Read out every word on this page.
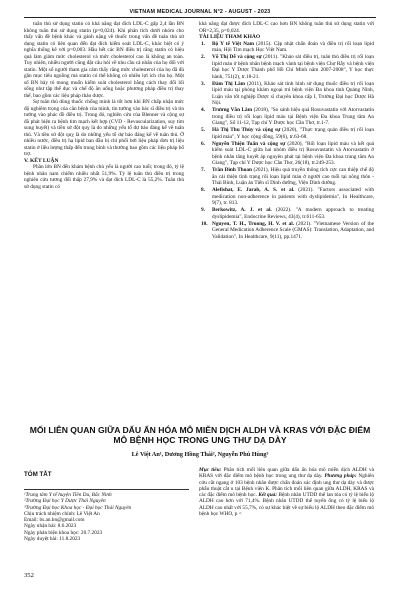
VIETNAM MEDICAL JOURNAL N°2 - AUGUST - 2023

tuân thủ sử dụng statin có khả năng đạt đích LDL-C gấp 2,4 lần BN không tuân thủ sử dụng statin (p=0,024). Khi phân tích dưới nhóm cho thấy vấn đề bệnh khác và gánh nặng về thuốc trong vấn đề tuân thủ sử dụng statin có liên quan đến đạt đích kiểm soát LDL-C, khác biệt có ý nghĩa thống kê với p=0,003. Hầu hết các BN điều trị rằng statin có hiệu quả làm giảm mức cholesterol và mức cholesterol cao là không an toàn. Tuy nhiên, nhiều người cũng đặt câu hỏi về nhu cầu cả nhân của họ đối với statin. Một số người tham gia cảm thấy rằng mức cholesterol của họ đã đủ gần mục tiêu nguồng mà statin có thể không có nhiều lợi ích cho họ. Một số BN bày tỏ mong muốn kiểm soát cholesterol bằng cách thay đổi lối sống như tập thể dục và chế độ ăn uống hoặc phương pháp điều trị thay thế, bao gồm các liệu pháp thảo dược.

Sự tuân thủ dùng thuốc chống minh là tốt hơn khi BN chấp nhận mức độ nghiêm trọng của căn bệnh của mình, tin tưởng vào bác sĩ điều trị và tin tưởng vào phác đồ điều trị. Trong đó, nghiên cứu của Blenner và cộng sự đã phát hiện ra bệnh tim mạch kết hợp (CVD - Revascularization, suy tim sung huyết) và tiền sử đột quỵ là do những yếu tố dự báo đáng kể về tuân thủ. Và tiền sử đột quỵ là do những yếu tố dự báo đáng kể về tuân thủ. Ở nhiều nước, điều trị hạ lipid ban đầu bị chỉ phối bởi liệu pháp đơn trị liệu statin ở liều lượng thấp đến trung bình và thường bao gồm các liệu pháp bổ trợ.

V. KẾT LUẬN

Phần lớn BN đến khám bệnh chủ yếu là người cao tuổi; trong đó, tỷ lệ bệnh nhân nam chiếm nhiều nhất 51,9%. Tỷ lệ tuân thủ điều trị trong nghiên cứu tương đối thấp 27,9% và đạt đích LDL-C là 55,2%. Tuân thủ sử dụng statin có

khả năng đạt được đích LDL-C cao hơn BN không tuân thủ sử dụng statin với OR=2,35, p=0,024.

TÀI LIỆU THAM KHẢO

1. Bộ Y tế Việt Nam (2015). Cập nhật chẩn đoán và điều trị rối loạn lipid máu, Hội Tim mạch Học Việt Nam.
2. Võ Thị Dễ và cộng sự (2011). "Khảo sát điều trị, tuân thủ điều trị rối loạn lipid máu ở bệnh nhân bệnh mạch vành tại bệnh viện Chợ Rẫy và bệnh viện Đại học Y Dược Thành phố Hồ Chí Minh năm 2007-2008", Y học thực hành, 751(2), tr.18-21.
3. Đàm Thị Lâm (2011), Khảo sát tình hình sử dụng thuốc điều trị rối loạn lipid máu tại phòng khám ngoại trú bệnh viện Đa khoa tỉnh Quảng Ninh, Luận văn tốt nghiệp Dược sĩ chuyên khoa cấp I, Trường Đại học Dược Hà Nội.
4. Trương Văn Lâm (2018), "So sánh hiệu quả Rosuvastatin với Atorvastatin trong điều trị rối loạn lipid máu tại Bệnh viện Đa khoa Trung tâm An Giang", Số 11-12, Tạp chí Y Dược học Cần Thơ, tr.1-7.
5. Hà Thị Thu Thủy và cộng sự (2020), "Thực trạng quản điều trị rối loạn lipid máu", Y học cộng đồng, 59(6), tr.63-68.
6. Nguyễn Thiện Tuấn và cộng sự (2020), "Rối loạn lipid máu và kết quả kiểm soát LDL-C giữa hai nhóm điều trị Rosuvastatin và Atorvastatin ở bệnh nhân tăng huyết áp nguyên phát tại bệnh viện Đa khoa trung tâm An Giang", Tạp chí Y Dược học Cần Thơ, 26(18), tr.249-253.
7. Trần Đình Thoan (2021), Hiệu quả truyền thông tích cực can thiệp chế độ ăn cải thiện tình trạng rối loạn lipid máu ở người cao tuổi tại nông thôn - Thái Bình, Luận án Tiến sĩ Dinh dưỡng, Viện Dinh dưỡng.
8. Alefishat, E. Jarab, A. S. et al. (2021). "Factors associated with medication non-adherence in patients with dyslipidemia", In Healthcare, 9(7), tr. 813.
9. Berkowitz, A. J. et al. (2022). "A modern approach to treating dyslipidemia", Endocrine Reviews, 43(4), tr.611-653.
10. Nguyen, T. H., Truong, H. V. et al. (2021). "Vietnamese Version of the General Medication Adherence Scale (GMAS): Translation, Adaptation, and Validation", In Healthcare, 9(11), pp.1471.
MỐI LIÊN QUAN GIỮA DẤU ẤN HÓA MÔ MIỄN DỊCH ALDH VÀ KRAS VỚI ĐẶC ĐIỂM MÔ BỆNH HỌC TRONG UNG THƯ DẠ DÀY
Lê Việt An¹, Dương Hồng Thái², Nguyễn Phú Hùng³
TÓM TẮT
¹Trung tâm Y tế huyện Tiền Du, Bắc Ninh
²Trường Đại học Y Dược Thái Nguyên
³Trường Đại học Khoa học - Đại học Thái Nguyên
Chịu trách nhiệm chính: Lê Việt An
Email: bs.an.bn@gmail.com
Ngày nhận bài: 8.6.2023
Ngày phản biện khoa học: 20.7.2023
Ngày duyệt bài: 11.8.2023
Mục tiêu: Phân tích mối liên quan giữa dấu ấn hóa mô miễn dịch ALDH và KRAS với đặc điểm mô bệnh học trong ung thư dạ dày. Phương pháp: Nghiên cứu cắt ngang ở 103 bệnh nhân được chẩn đoán xác định ung thư dạ dày và được phẫu thuật cắt u tại Bệnh viện K. Phân tích mối liên quan giữa ALDH, KRAS và các đặc điểm mô bệnh học. Kết quả: Bệnh nhân UTDD thể lan tỏa có tỷ lệ biểu lộ ALDH cao hơn với 71,4%. Bệnh nhân UTDD thể tuyến ống có tỷ lệ biểu lộ ALDH cao nhất với 55,7%, có sự khác biệt về sự biểu lộ ALDH theo đặc điểm mô bệnh học WHO, p <
352
